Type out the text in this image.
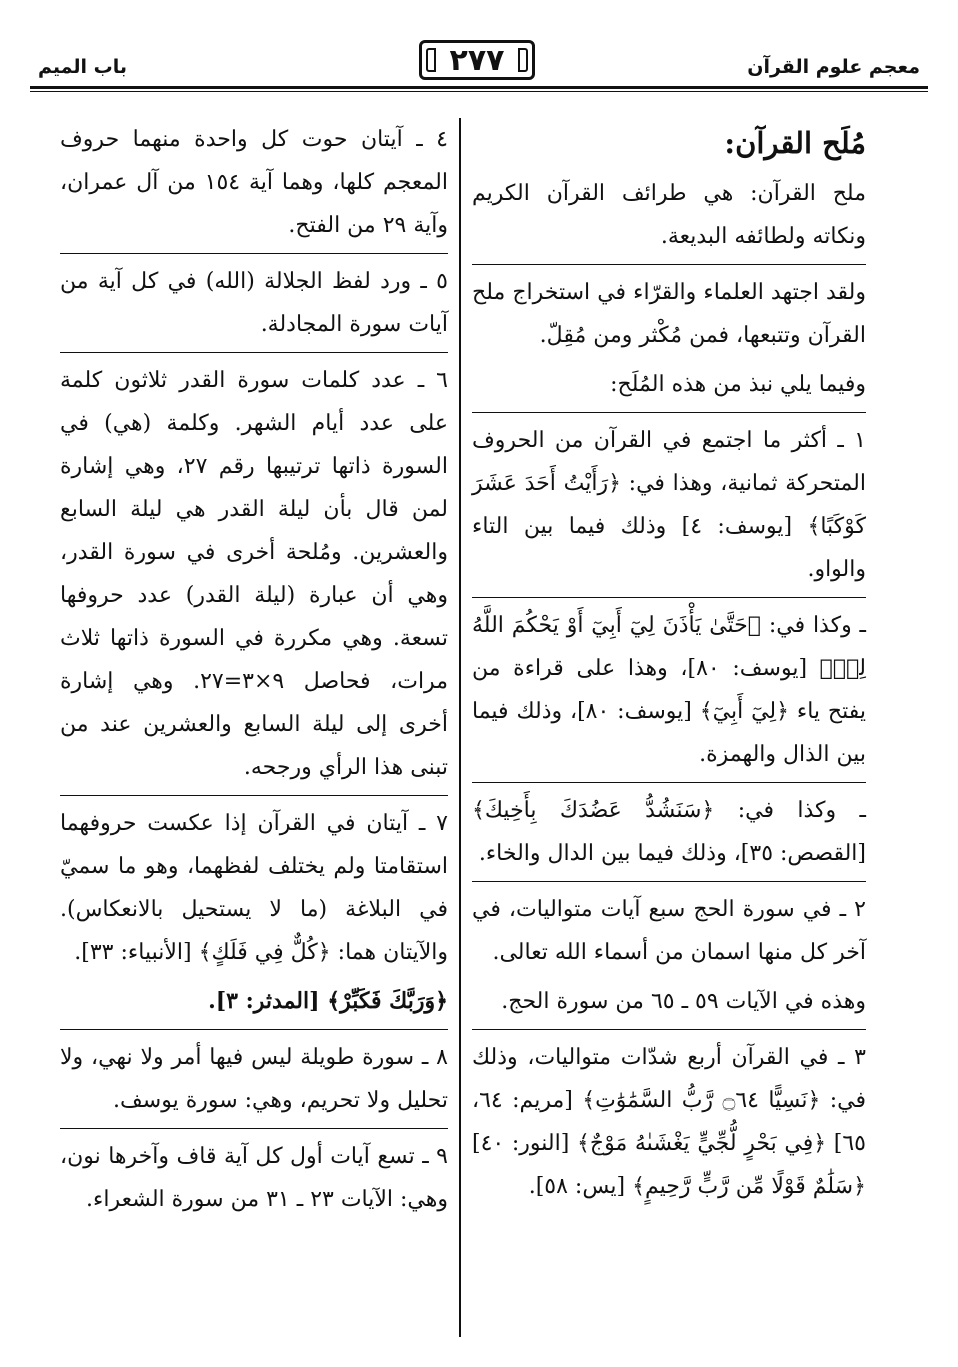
معجم علوم القرآن
٢٧٧
باب الميم
مُلَح القرآن:

ملح القرآن: هي طرائف القرآن الكريم ونكاته ولطائفه البديعة.

ولقد اجتهد العلماء والقرّاء في استخراج ملح القرآن وتتبعها، فمن مُكْثر ومن مُقِلّ.

وفيما يلي نبذ من هذه المُلَح:

١ ـ أكثر ما اجتمع في القرآن من الحروف المتحركة ثمانية، وهذا في: ﴿رَأَيْتُ أَحَدَ عَشَرَ كَوْكَبًا﴾ [يوسف: ٤] وذلك فيما بين التاء والواو.

ـ وكذا في: ﴿حَتَّىٰ يَأْذَنَ لِيٓ أَبِيٓ أَوْ يَحْكُمَ اللَّهُ لِيۖ﴾ [يوسف: ٨٠]، وهذا على قراءة من يفتح ياء ﴿لِيٓ أَبِيٓ﴾ [يوسف: ٨٠]، وذلك فيما بين الذال والهمزة.

ـ وكذا في: ﴿سَنَشُدُّ عَضُدَكَ بِأَخِيكَ﴾ [القصص: ٣٥]، وذلك فيما بين الدال والخاء.

٢ ـ في سورة الحج سبع آيات متواليات، في آخر كل منها اسمان من أسماء الله تعالى.

وهذه في الآيات ٥٩ ـ ٦٥ من سورة الحج.

٣ ـ في القرآن أربع شدّات متواليات، وذلك في: ﴿نَسِيًّا ۝٦٤ رَّبُّ السَّمَٰوَٰتِ﴾ [مريم: ٦٤، ٦٥] ﴿فِي بَحْرٍ لُّجِّيٍّ يَغْشَىٰهُ مَوْجٌ﴾ [النور: ٤٠] ﴿سَلَٰمٌ قَوْلًا مِّن رَّبٍّ رَّحِيمٍ﴾ [يس: ٥٨].

٤ ـ آيتان حوت كل واحدة منهما حروف المعجم كلها، وهما آية ١٥٤ من آل عمران، وآية ٢٩ من الفتح.

٥ ـ ورد لفظ الجلالة (الله) في كل آية من آيات سورة المجادلة.

٦ ـ عدد كلمات سورة القدر ثلاثون كلمة على عدد أيام الشهر. وكلمة (هي) في السورة ذاتها ترتيبها رقم ٢٧، وهي إشارة لمن قال بأن ليلة القدر هي ليلة السابع والعشرين. ومُلحة أخرى في سورة القدر، وهي أن عبارة (ليلة القدر) عدد حروفها تسعة. وهي مكررة في السورة ذاتها ثلاث مرات، فحاصل ٩×٣=٢٧. وهي إشارة أخرى إلى ليلة السابع والعشرين عند من تبنى هذا الرأي ورجحه.

٧ ـ آيتان في القرآن إذا عكست حروفهما استقامتا ولم يختلف لفظهما، وهو ما سميّ في البلاغة (ما لا يستحيل بالانعكاس). والآيتان هما: ﴿كُلٌّ فِي فَلَكٍ﴾ [الأنبياء: ٣٣].

﴿وَرَبَّكَ فَكَبِّرْ﴾ [المدثر: ٣].

٨ ـ سورة طويلة ليس فيها أمر ولا نهي، ولا تحليل ولا تحريم، وهي: سورة يوسف.

٩ ـ تسع آيات أول كل آية قاف وآخرها نون، وهي: الآيات ٢٣ ـ ٣١ من سورة الشعراء.
